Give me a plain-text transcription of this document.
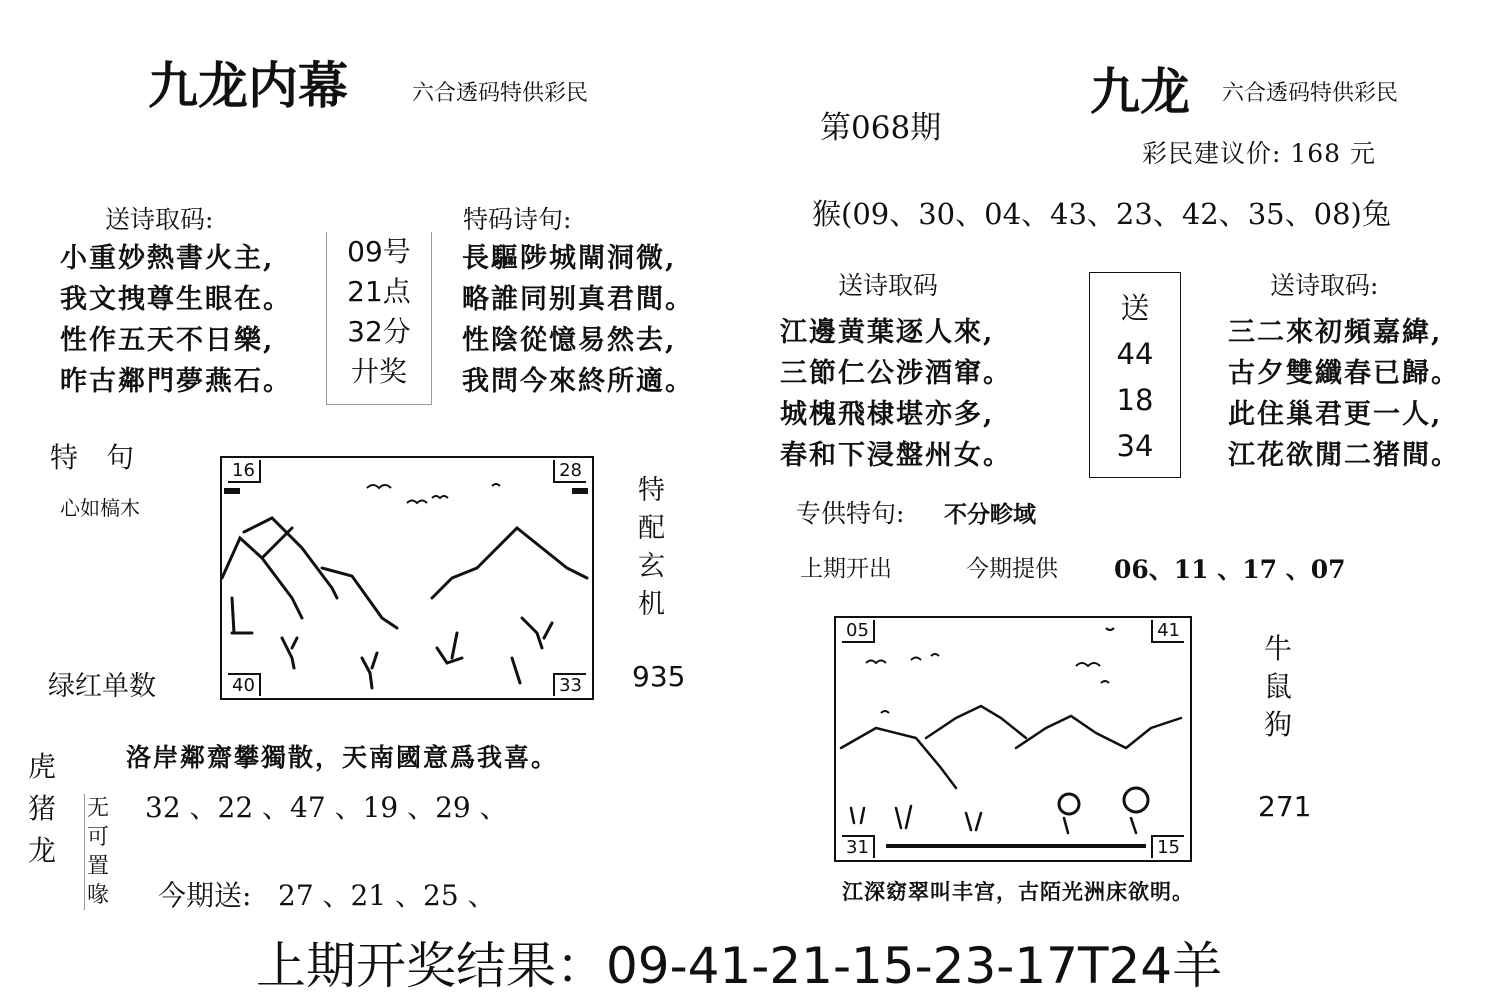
九龙内幕	六合透码特供彩民
送诗取码:
小重妙熱書火主,
我文拽尊生眼在。
性作五天不日樂,
昨古鄰門夢燕石。
09号
21点
32分
廾奖
特码诗句:
長驅陟城閘洞微,
略誰同别真君間。
性陰從憶易然去,
我問今來終所適。
特　句
心如槁木
绿红单数
16	28
40	33
特
配
玄
机
935
洛岸鄰齋攀獨散，天南國意爲我喜。
虎
猪
龙
无
可
置
喙
32 、22 、47 、19 、29 、
今期送: 27 、21 、25 、
第068期
九龙 六合透码特供彩民
彩民建议价: 168 元
猴(09、30、04、43、23、42、35、08)兔
送诗取码
江邊黄葉逐人來,
三節仁公涉酒窜。
城槐飛棣堪亦多,
春和下浸盤州女。
送
44
18
34
送诗取码:
三二來初頻嘉緯,
古夕雙纖春已歸。
此住巢君更一人,
江花欲閒二猪間。
专供特句: 不分畛域
上期开出	今期提供 06、11 、17 、07
05	41
31	15
牛
鼠
狗
271
江深窈翠叫丰宫，古陌光洲床欲明。
上期开奖结果：09-41-21-15-23-17T24羊
